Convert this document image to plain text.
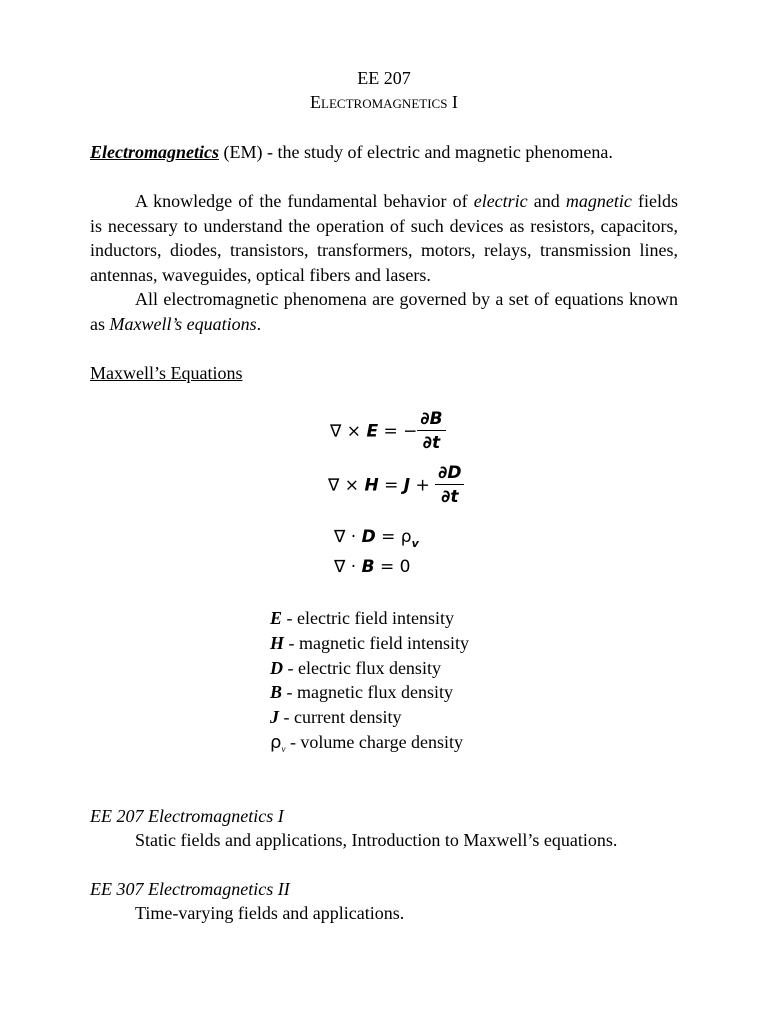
EE 207
Electromagnetics I
Electromagnetics (EM) - the study of electric and magnetic phenomena.
A knowledge of the fundamental behavior of electric and magnetic fields is necessary to understand the operation of such devices as resistors, capacitors, inductors, diodes, transistors, transformers, motors, relays, transmission lines, antennas, waveguides, optical fibers and lasers.
All electromagnetic phenomena are governed by a set of equations known as Maxwell’s equations.
Maxwell’s Equations
∇ × E = − $\frac{\partial B}{\partial t}$
∇ × $H = J + \frac{\partial D}{\partial t}$
∇ · $D = \rho_v$
∇ · B = 0
E - electric field intensity
H - magnetic field intensity
D - electric flux density
B - magnetic flux density
J - current density
$\rho_v$ - volume charge density
EE 207 Electromagnetics I
Static fields and applications, Introduction to Maxwell’s equations.
EE 307 Electromagnetics II
Time-varying fields and applications.
